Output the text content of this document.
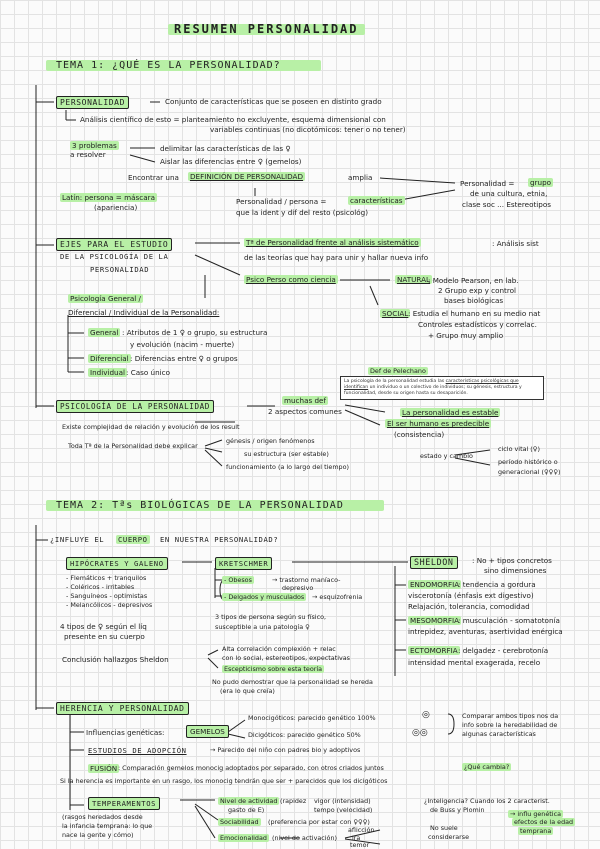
RESUMEN PERSONALIDAD
TEMA 1: ¿QUÉ ES LA PERSONALIDAD?
PERSONALIDAD	Conjunto de características que se poseen en distinto grado
Análisis científico de esto = planteamiento no excluyente, esquema dimensional con
variables continuas (no dicotómicos: tener o no tener)
3 problemas
a resolver
delimitar las características de las ♀
Aislar las diferencias entre ♀ (gemelos)
Encontrar una DEFINICIÓN DE PERSONALIDAD	amplia
Latín: persona = máscara
(apariencia)
Personalidad / persona =	características
que la ident y dif del resto (psicológ)
Personalidad = grupo
de una cultura, etnia,
clase soc ... Estereotipos
EJES PARA EL ESTUDIO
DE LA PSICOLOGÍA DE LA
PERSONALIDAD
Tª de Personalidad frente al análisis sistemático	: Análisis sist
de las teorías que hay para unir y hallar nueva info
Psico Perso como ciencia	NATURAL
: Modelo Pearson, en lab.
2 Grupo exp y control
bases biológicas
SOCIAL : Estudia el humano en su medio nat
Controles estadísticos y correlac.
+ Grupo muy amplio
Psicología General /
Diferencial / Individual de la Personalidad:
General : Atributos de 1 ♀ o grupo, su estructura
y evolución (nacim - muerte)
Diferencial : Diferencias entre ♀ o grupos
Individual : Caso único
PSICOLOGÍA DE LA PERSONALIDAD
muchas def
2 aspectos comunes
Def de Pelechano
La psicología de la personalidad estudia las características psicológicas que identifican un individuo o un colectivo de individuos; su génesis, estructura y funcionalidad, desde su origen hasta su desaparición.
La personalidad es estable
El ser humano es predecible
(consistencia)
Existe complejidad de relación y evolución de los result
Toda Tª de la Personalidad debe explicar
génesis / origen fenómenos
su estructura (ser estable)
funcionamiento (a lo largo del tiempo)
estado y cambio
ciclo vital (♀)
período histórico o
generacional (♀♀♀)
TEMA 2: Tªs BIOLÓGICAS DE LA PERSONALIDAD
¿INFLUYE EL CUERPO EN NUESTRA PERSONALIDAD?
HIPÓCRATES Y GALENO
- Flemáticos + tranquilos
- Coléricos - irritables
- Sanguíneos - optimistas
- Melancólicos - depresivos
4 tipos de ♀ según el líq
presente en su cuerpo
Conclusión hallazgos Sheldon
KRETSCHMER
- Obesos	→ trastorno maníaco-
depresivo
- Delgados y musculados	→ esquizofrenia
3 tipos de persona según su físico,
susceptible a una patología ♀
Alta correlación complexión + relac
con lo social, estereotipos, expectativas
Escepticismo sobre esta teoría
No pudo demostrar que la personalidad se hereda
(era lo que creía)
SHELDON	: No + tipos concretos
sino dimensiones
ENDOMORFIA
: tendencia a gordura
viscerotonía (énfasis ext digestivo)
Relajación, tolerancia, comodidad
MESOMORFIA : musculación - somatotonía
intrepidez, aventuras, asertividad enérgica
ECTOMORFIA : delgadez - cerebrotonía
intensidad mental exagerada, recelo
HERENCIA Y PERSONALIDAD
Influencias genéticas:	GEMELOS
Monocigóticos: parecido genético 100%
Dicigóticos: parecido genético 50%
◎
◎◎
Comparar ambos tipos nos da
info sobre la heredabilidad de
algunas características
ESTUDIOS DE ADOPCIÓN	→ Parecido del niño con padres bio y adoptivos
FUSIÓN : Comparación gemelos monocig adoptados por separado, con otros criados juntos	¿Qué cambia?
Si la herencia es importante en un rasgo, los monocig tendrán que ser + parecidos que los dicigóticos
TEMPERAMENTOS
(rasgos heredados desde
la infancia temprana: lo que
nace la gente y cómo)
Nivel de actividad (rapidez
gasto de E)
vigor (intensidad)
tempo (velocidad)
Sociabilidad	(preferencia por estar con ♀♀♀)
Emocionalidad (nivel de activación)
aflicción
ira
temor
¿Inteligencia? Cuando los 2 caracterist.
de Buss y Plomin	→ influ genética
efectos de la edad
temprana
No suele
considerarse
